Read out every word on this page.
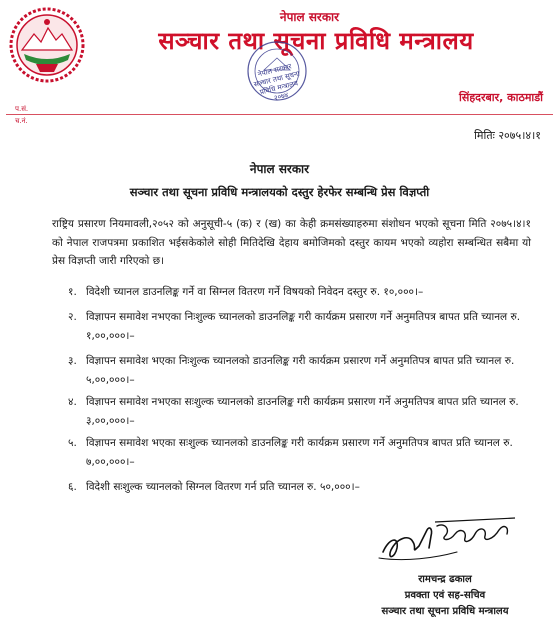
नेपाल सरकार
सञ्चार तथा सूचना प्रविधि मन्त्रालय
नेपाल सरकार सञ्चार तथा सूचना प्रविधि मन्त्रालय २०७४
प.सं.
च.नं.
सिंहदरबार, काठमाडौं
मितिः २०७५।४।१
नेपाल सरकार
सञ्चार तथा सूचना प्रविधि मन्त्रालयको दस्तुर हेरफेर सम्बन्धि प्रेस विज्ञप्ती
राष्ट्रिय प्रसारण नियमावली,२०५२ को अनुसूची-५ (क) र (ख) का केही क्रमसंख्याहरुमा संशोधन भएको सूचना मिति २०७५।४।१ को नेपाल राजपत्रमा प्रकाशित भईसकेकोले सोही मितिदेखि देहाय बमोजिमको दस्तुर कायम भएको व्यहोरा सम्बन्धित सबैमा यो प्रेस विज्ञप्ती जारी गरिएको छ।
१. विदेशी च्यानल डाउनलिङ्क गर्ने वा सिग्नल वितरण गर्ने विषयको निवेदन दस्तुर रु. १०,०००।–
२. विज्ञापन समावेश नभएका निःशुल्क च्यानलको डाउनलिङ्क गरी कार्यक्रम प्रसारण गर्ने अनुमतिपत्र बापत प्रति च्यानल रु. १,००,०००।–
३. विज्ञापन समावेश भएका निःशुल्क च्यानलको डाउनलिङ्क गरी कार्यक्रम प्रसारण गर्ने अनुमतिपत्र बापत प्रति च्यानल रु. ५,००,०००।–
४. विज्ञापन समावेश नभएका सःशुल्क च्यानलको डाउनलिङ्क गरी कार्यक्रम प्रसारण गर्ने अनुमतिपत्र बापत प्रति च्यानल रु. ३,००,०००।–
५. विज्ञापन समावेश भएका सःशुल्क च्यानलको डाउनलिङ्क गरी कार्यक्रम प्रसारण गर्ने अनुमतिपत्र बापत प्रति च्यानल रु. ७,००,०००।–
६. विदेशी सःशुल्क च्यानलको सिग्नल वितरण गर्न प्रति च्यानल रु. ५०,०००।–
रामचन्द्र ढकाल
प्रवक्ता एवं सह-सचिव
सञ्चार तथा सूचना प्रविधि मन्त्रालय
